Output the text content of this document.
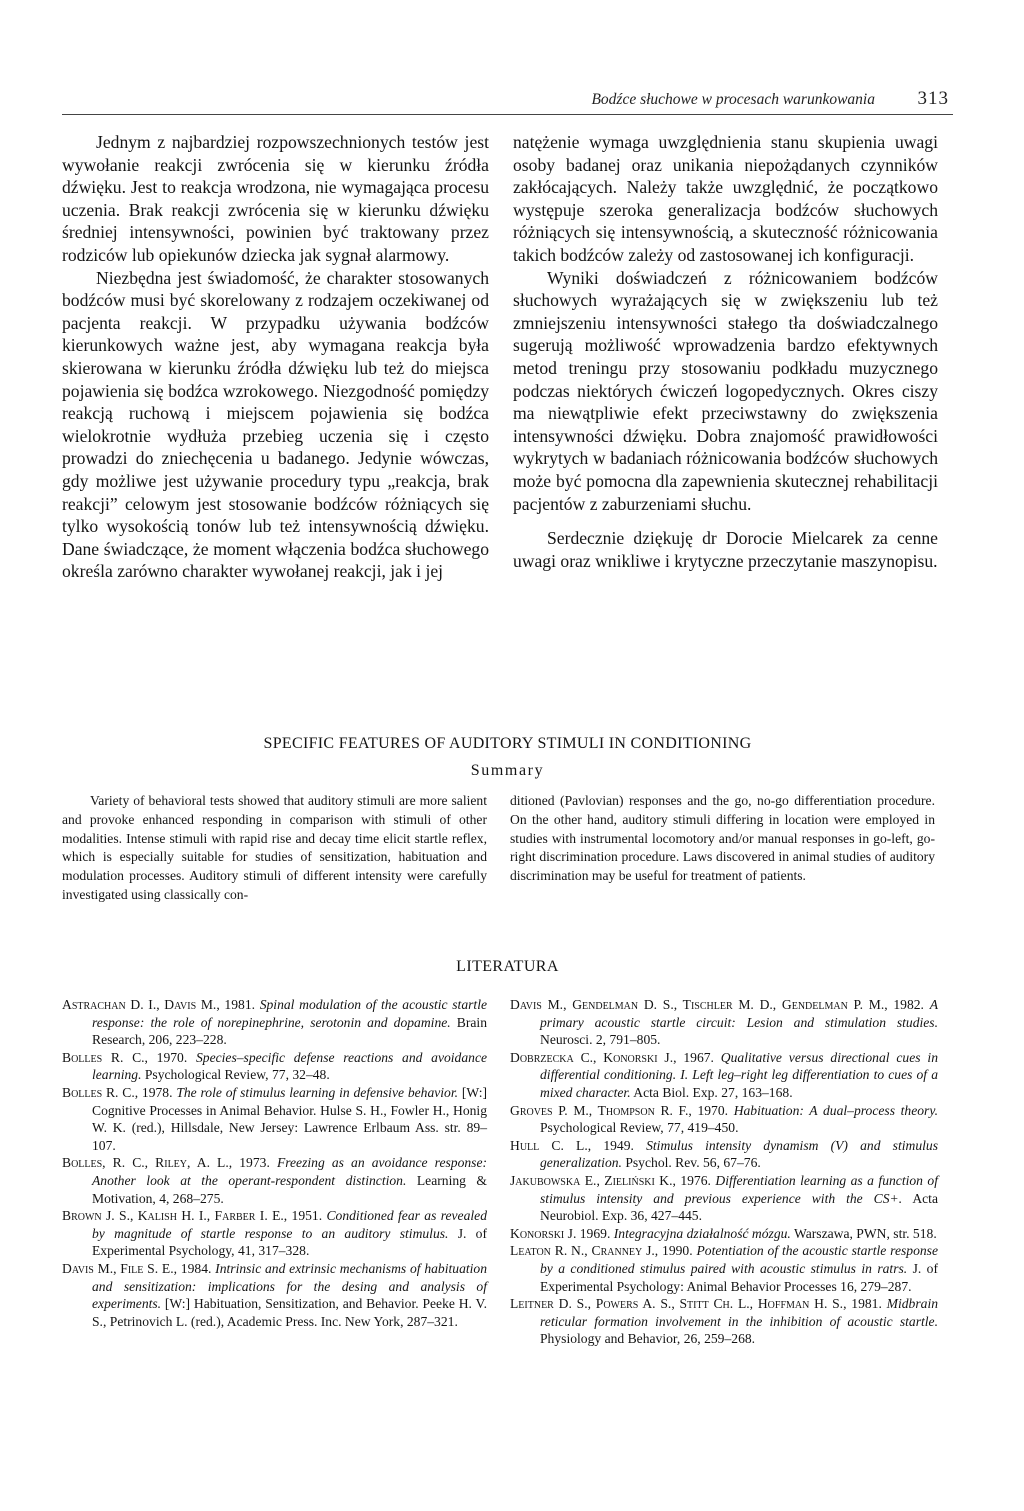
Bodźce słuchowe w procesach warunkowania 313

Jednym z najbardziej rozpowszechnionych testów jest wywołanie reakcji zwrócenia się w kierunku źródła dźwięku. Jest to reakcja wrodzona, nie wymagająca procesu uczenia. Brak reakcji zwrócenia się w kierunku dźwięku średniej intensywności, powinien być traktowany przez rodziców lub opiekunów dziecka jak sygnał alarmowy.

Niezbędna jest świadomość, że charakter stosowanych bodźców musi być skorelowany z rodzajem oczekiwanej od pacjenta reakcji. W przypadku używania bodźców kierunkowych ważne jest, aby wymagana reakcja była skierowana w kierunku źródła dźwięku lub też do miejsca pojawienia się bodźca wzrokowego. Niezgodność pomiędzy reakcją ruchową i miejscem pojawienia się bodźca wielokrotnie wydłuża przebieg uczenia się i często prowadzi do zniechęcenia u badanego. Jedynie wówczas, gdy możliwe jest używanie procedury typu „reakcja, brak reakcji” celowym jest stosowanie bodźców różniących się tylko wysokością tonów lub też intensywnością dźwięku. Dane świadczące, że moment włączenia bodźca słuchowego określa zarówno charakter wywołanej reakcji, jak i jej

natężenie wymaga uwzględnienia stanu skupienia uwagi osoby badanej oraz unikania niepożądanych czynników zakłócających. Należy także uwzględnić, że początkowo występuje szeroka generalizacja bodźców słuchowych różniących się intensywnością, a skuteczność różnicowania takich bodźców zależy od zastosowanej ich konfiguracji.

Wyniki doświadczeń z różnicowaniem bodźców słuchowych wyrażających się w zwiększeniu lub też zmniejszeniu intensywności stałego tła doświadczalnego sugerują możliwość wprowadzenia bardzo efektywnych metod treningu przy stosowaniu podkładu muzycznego podczas niektórych ćwiczeń logopedycznych. Okres ciszy ma niewątpliwie efekt przeciwstawny do zwiększenia intensywności dźwięku. Dobra znajomość prawidłowości wykrytych w badaniach różnicowania bodźców słuchowych może być pomocna dla zapewnienia skutecznej rehabilitacji pacjentów z zaburzeniami słuchu.

Serdecznie dziękuję dr Dorocie Mielcarek za cenne uwagi oraz wnikliwe i krytyczne przeczytanie maszynopisu.

SPECIFIC FEATURES OF AUDITORY STIMULI IN CONDITIONING
Summary

Variety of behavioral tests showed that auditory stimuli are more salient and provoke enhanced responding in comparison with stimuli of other modalities. Intense stimuli with rapid rise and decay time elicit startle reflex, which is especially suitable for studies of sensitization, habituation and modulation processes. Auditory stimuli of different intensity were carefully investigated using classically con-

ditioned (Pavlovian) responses and the go, no-go differentiation procedure. On the other hand, auditory stimuli differing in location were employed in studies with instrumental locomotory and/or manual responses in go-left, go-right discrimination procedure. Laws discovered in animal studies of auditory discrimination may be useful for treatment of patients.

LITERATURA

Astrachan D. I., Davis M., 1981. Spinal modulation of the acoustic startle response: the role of norepinephrine, serotonin and dopamine. Brain Research, 206, 223–228.

Bolles R. C., 1970. Species–specific defense reactions and avoidance learning. Psychological Review, 77, 32–48.

Bolles R. C., 1978. The role of stimulus learning in defensive behavior. [W:] Cognitive Processes in Animal Behavior. Hulse S. H., Fowler H., Honig W. K. (red.), Hillsdale, New Jersey: Lawrence Erlbaum Ass. str. 89–107.

Bolles, R. C., Riley, A. L., 1973. Freezing as an avoidance response: Another look at the operant-respondent distinction. Learning & Motivation, 4, 268–275.

Brown J. S., Kalish H. I., Farber I. E., 1951. Conditioned fear as revealed by magnitude of startle response to an auditory stimulus. J. of Experimental Psychology, 41, 317–328.

Davis M., File S. E., 1984. Intrinsic and extrinsic mechanisms of habituation and sensitization: implications for the desing and analysis of experiments. [W:] Habituation, Sensitization, and Behavior. Peeke H. V. S., Petrinovich L. (red.), Academic Press. Inc. New York, 287–321.

Davis M., Gendelman D. S., Tischler M. D., Gendelman P. M., 1982. A primary acoustic startle circuit: Lesion and stimulation studies. Neurosci. 2, 791–805.

Dobrzecka C., Konorski J., 1967. Qualitative versus directional cues in differential conditioning. I. Left leg–right leg differentiation to cues of a mixed character. Acta Biol. Exp. 27, 163–168.

Groves P. M., Thompson R. F., 1970. Habituation: A dual–process theory. Psychological Review, 77, 419–450.

Hull C. L., 1949. Stimulus intensity dynamism (V) and stimulus generalization. Psychol. Rev. 56, 67–76.

Jakubowska E., Zieliński K., 1976. Differentiation learning as a function of stimulus intensity and previous experience with the CS+. Acta Neurobiol. Exp. 36, 427–445.

Konorski J. 1969. Integracyjna działalność mózgu. Warszawa, PWN, str. 518.

Leaton R. N., Cranney J., 1990. Potentiation of the acoustic startle response by a conditioned stimulus paired with acoustic stimulus in ratrs. J. of Experimental Psychology: Animal Behavior Processes 16, 279–287.

Leitner D. S., Powers A. S., Stitt Ch. L., Hoffman H. S., 1981. Midbrain reticular formation involvement in the inhibition of acoustic startle. Physiology and Behavior, 26, 259–268.
